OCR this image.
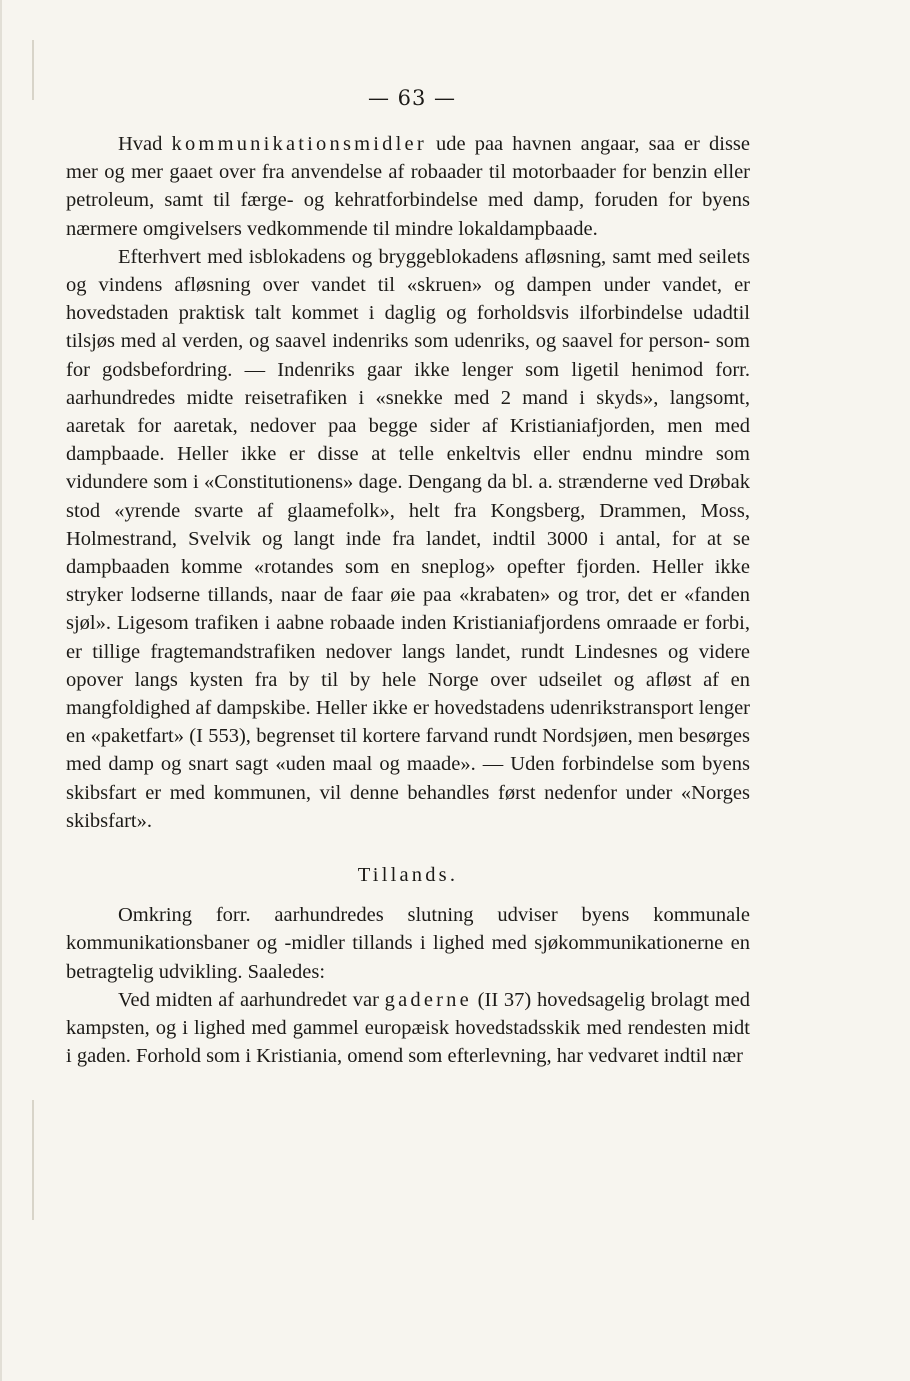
— 63 —

Hvad kommunikationsmidler ude paa havnen angaar, saa er disse mer og mer gaaet over fra anvendelse af robaader til motorbaader for benzin eller petroleum, samt til færge- og kehratforbindelse med damp, foruden for byens nærmere omgivelsers vedkommende til mindre lokaldampbaade.

Efterhvert med isblokadens og bryggeblokadens afløsning, samt med seilets og vindens afløsning over vandet til «skruen» og dampen under vandet, er hovedstaden praktisk talt kommet i daglig og forholdsvis ilforbindelse udadtil tilsjøs med al verden, og saavel indenriks som udenriks, og saavel for person- som for godsbefordring. — Indenriks gaar ikke lenger som ligetil henimod forr. aarhundredes midte reisetrafiken i «snekke med 2 mand i skyds», langsomt, aaretak for aaretak, nedover paa begge sider af Kristianiafjorden, men med dampbaade. Heller ikke er disse at telle enkeltvis eller endnu mindre som vidundere som i «Constitutionens» dage. Dengang da bl. a. strænderne ved Drøbak stod «yrende svarte af glaamefolk», helt fra Kongsberg, Drammen, Moss, Holmestrand, Svelvik og langt inde fra landet, indtil 3000 i antal, for at se dampbaaden komme «rotandes som en sneplog» opefter fjorden. Heller ikke stryker lodserne tillands, naar de faar øie paa «krabaten» og tror, det er «fanden sjøl». Ligesom trafiken i aabne robaade inden Kristianiafjordens omraade er forbi, er tillige fragtemandstrafiken nedover langs landet, rundt Lindesnes og videre opover langs kysten fra by til by hele Norge over udseilet og afløst af en mangfoldighed af dampskibe. Heller ikke er hovedstadens udenrikstransport lenger en «paketfart» (I 553), begrenset til kortere farvand rundt Nordsjøen, men besørges med damp og snart sagt «uden maal og maade». — Uden forbindelse som byens skibsfart er med kommunen, vil denne behandles først nedenfor under «Norges skibsfart».

Tillands.

Omkring forr. aarhundredes slutning udviser byens kommunale kommunikationsbaner og -midler tillands i lighed med sjøkommunikationerne en betragtelig udvikling. Saaledes:

Ved midten af aarhundredet var gaderne (II 37) hovedsagelig brolagt med kampsten, og i lighed med gammel europæisk hovedstadsskik med rendesten midt i gaden. Forhold som i Kristiania, omend som efterlevning, har vedvaret indtil nær
